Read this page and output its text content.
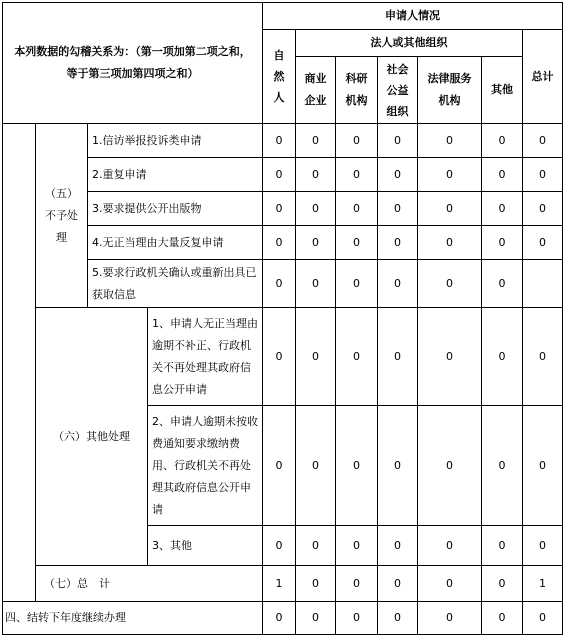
本列数据的勾稽关系为：（第一项加第二项之和，等于第三项加第四项之和）				申请人情况						

				自然人	法人或其他组织					总计

					商业企业	科研机构	社会公益组织	法律服务机构	其他	

	（五）不予处理	1.信访举报投诉类申请		0	0	0	0	0	0	0
		2.重复申请		0	0	0	0	0	0	0
		3.要求提供公开出版物		0	0	0	0	0	0	0
		4.无正当理由大量反复申请		0	0	0	0	0	0	0
		5.要求行政机关确认或重新出具已获取信息		0	0	0	0	0	0	
	（六）其他处理		1、申请人无正当理由逾期不补正、行政机关不再处理其政府信息公开申请	0	0	0	0	0	0	0
			2、申请人逾期未按收费通知要求缴纳费用、行政机关不再处理其政府信息公开申请	0	0	0	0	0	0	0
			3、其他	0	0	0	0	0	0	0
	（七）总　计			1	0	0	0	0	0	1
四、结转下年度继续办理				0	0	0	0	0	0	0
